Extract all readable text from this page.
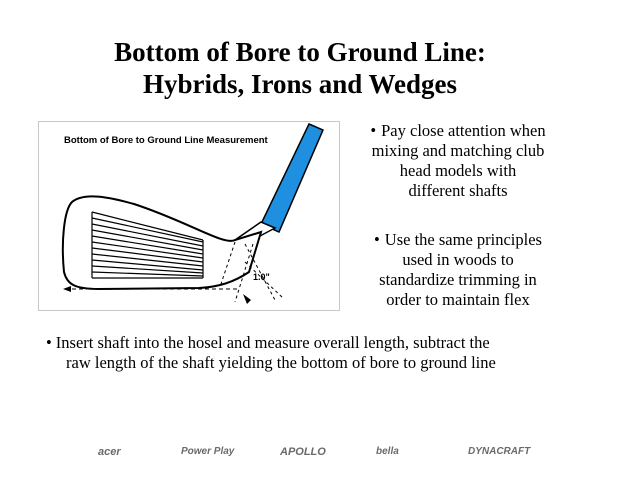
Bottom of Bore to Ground Line:
Hybrids, Irons and Wedges
Bottom of Bore to Ground Line Measurement
1.0"
• Pay close attention when
mixing and matching club
head models with
different shafts
• Use the same principles
used in woods to
standardize trimming in
order to maintain flex
• Insert shaft into the hosel and measure overall length, subtract the
raw length of the shaft yielding the bottom of bore to ground line
acer	Power Play	APOLLO	bella	DYNACRAFT
